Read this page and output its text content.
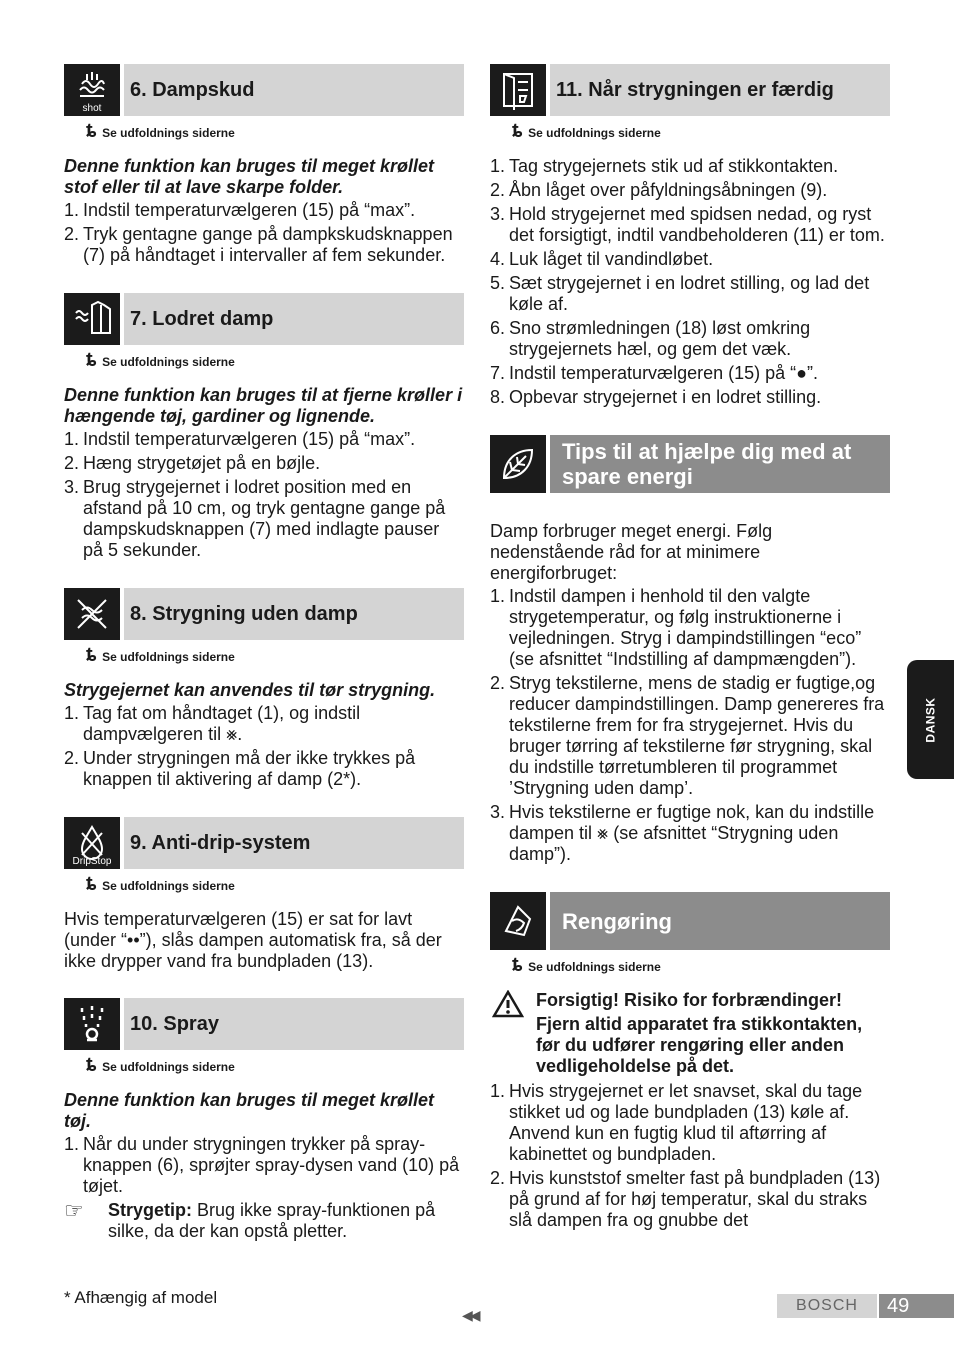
shot
6. Dampskud
ȶ Se udfoldnings siderne

Denne funktion kan bruges til meget krøllet stof eller til at lave skarpe folder.

1. Indstil temperaturvælgeren (15) på “max”.
2. Tryk gentagne gange på dampkskudsknappen (7) på håndtaget i intervaller af fem sekunder.
7. Lodret damp
ȶ Se udfoldnings siderne

Denne funktion kan bruges til at fjerne krøller i hængende tøj, gardiner og lignende.

1. Indstil temperaturvælgeren (15) på “max”.
2. Hæng strygetøjet på en bøjle.
3. Brug strygejernet i lodret position med en afstand på 10 cm, og tryk gentagne gange på dampskudsknappen (7) med indlagte pauser på 5 sekunder.
8. Strygning uden damp
ȶ Se udfoldnings siderne

Strygejernet kan anvendes til tør strygning.

1. Tag fat om håndtaget (1), og indstil dampvælgeren til ⨳.
2. Under strygningen må der ikke trykkes på knappen til aktivering af damp (2*).
DripStop
9. Anti-drip-system
ȶ Se udfoldnings siderne

Hvis temperaturvælgeren (15) er sat for lavt (under “••”), slås dampen automatisk fra, så der ikke drypper vand fra bundpladen (13).

10. Spray
ȶ Se udfoldnings siderne

Denne funktion kan bruges til meget krøllet tøj.

1. Når du under strygningen trykker på spray-knappen (6), sprøjter spray-dysen vand (10) på tøjet.
☞	Strygetip: Brug ikke spray-funktionen på silke, da der kan opstå pletter.
11. Når strygningen er færdig
ȶ Se udfoldnings siderne
1. Tag strygejernets stik ud af stikkontakten.
2. Åbn låget over påfyldningsåbningen (9).
3. Hold strygejernet med spidsen nedad, og ryst det forsigtigt, indtil vandbeholderen (11) er tom.
4. Luk låget til vandindløbet.
5. Sæt strygejernet i en lodret stilling, og lad det køle af.
6. Sno strømledningen (18) løst omkring strygejernets hæl, og gem det væk.
7. Indstil temperaturvælgeren (15) på “●”.
8. Opbevar strygejernet i en lodret stilling.
Tips til at hjælpe dig med at spare energi

Damp forbruger meget energi. Følg nedenstående råd for at minimere energiforbruget:

1. Indstil dampen i henhold til den valgte strygetemperatur, og følg instruktionerne i vejledningen. Stryg i dampindstillingen “eco” (se afsnittet “Indstilling af dampmængden”).
2. Stryg tekstilerne, mens de stadig er fugtige,og reducer dampindstillingen. Damp genereres fra tekstilerne frem for fra strygejernet. Hvis du bruger tørring af tekstilerne før strygning, skal du indstille tørretumbleren til programmet ’Strygning uden damp’.
3. Hvis tekstilerne er fugtige nok, kan du indstille dampen til ⨳ (se afsnittet “Strygning uden damp”).
Rengøring
ȶ Se udfoldnings siderne
Forsigtig! Risiko for forbrændinger!
Fjern altid apparatet fra stikkontakten, før du udfører rengøring eller anden vedligeholdelse på det.
1. Hvis strygejernet er let snavset, skal du tage stikket ud og lade bundpladen (13) køle af. Anvend kun en fugtig klud til aftørring af kabinettet og bundpladen.
2. Hvis kunststof smelter fast på bundpladen (13) på grund af for høj temperatur, skal du straks slå dampen fra og gnubbe det
DANSK
* Afhængig af model
◀◀
BOSCH	49
